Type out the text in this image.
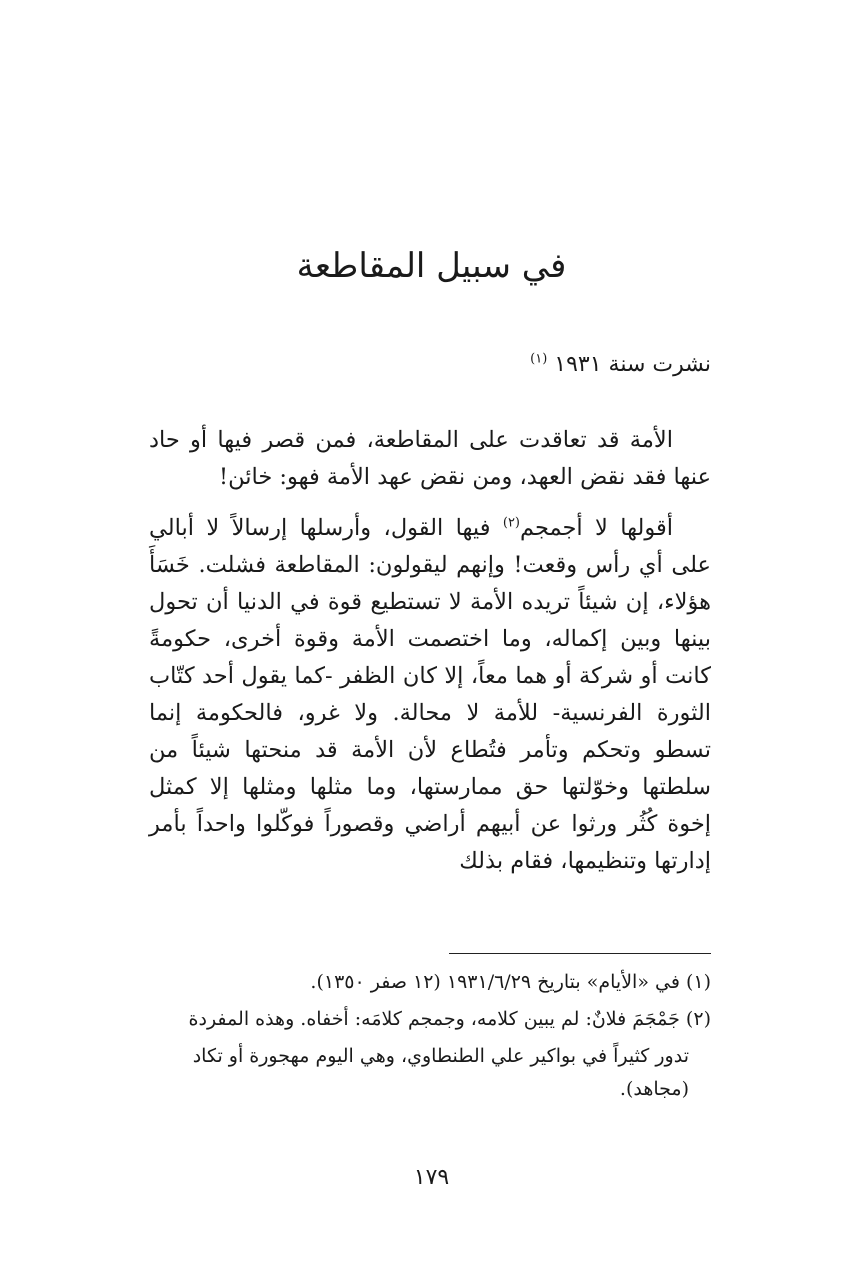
في سبيل المقاطعة
نشرت سنة ١٩٣١ $^{(١)}$

الأمة قد تعاقدت على المقاطعة، فمن قصر فيها أو حاد عنها فقد نقض العهد، ومن نقض عهد الأمة فهو: خائن!

أقولها لا أجمجم$^{(٢)}$ فيها القول، وأرسلها إرسالاً لا أبالي على أي رأس وقعت! وإنهم ليقولون: المقاطعة فشلت. خَسَأَ هؤلاء، إن شيئاً تريده الأمة لا تستطيع قوة في الدنيا أن تحول بينها وبين إكماله، وما اختصمت الأمة وقوة أخرى، حكومةً كانت أو شركة أو هما معاً، إلا كان الظفر -كما يقول أحد كتّاب الثورة الفرنسية- للأمة لا محالة. ولا غرو، فالحكومة إنما تسطو وتحكم وتأمر فتُطاع لأن الأمة قد منحتها شيئاً من سلطتها وخوّلتها حق ممارستها، وما مثلها ومثلها إلا كمثل إخوة كُثُر ورثوا عن أبيهم أراضي وقصوراً فوكّلوا واحداً بأمر إدارتها وتنظيمها، فقام بذلك

(١) في «الأيام» بتاريخ ١٩٣١/٦/٢٩ (١٢ صفر ١٣٥٠).

(٢) جَمْجَمَ فلانٌ: لم يبين كلامه، وجمجم كلامَه: أخفاه. وهذه المفردة

تدور كثيراً في بواكير علي الطنطاوي، وهي اليوم مهجورة أو تكاد (مجاهد).

١٧٩
